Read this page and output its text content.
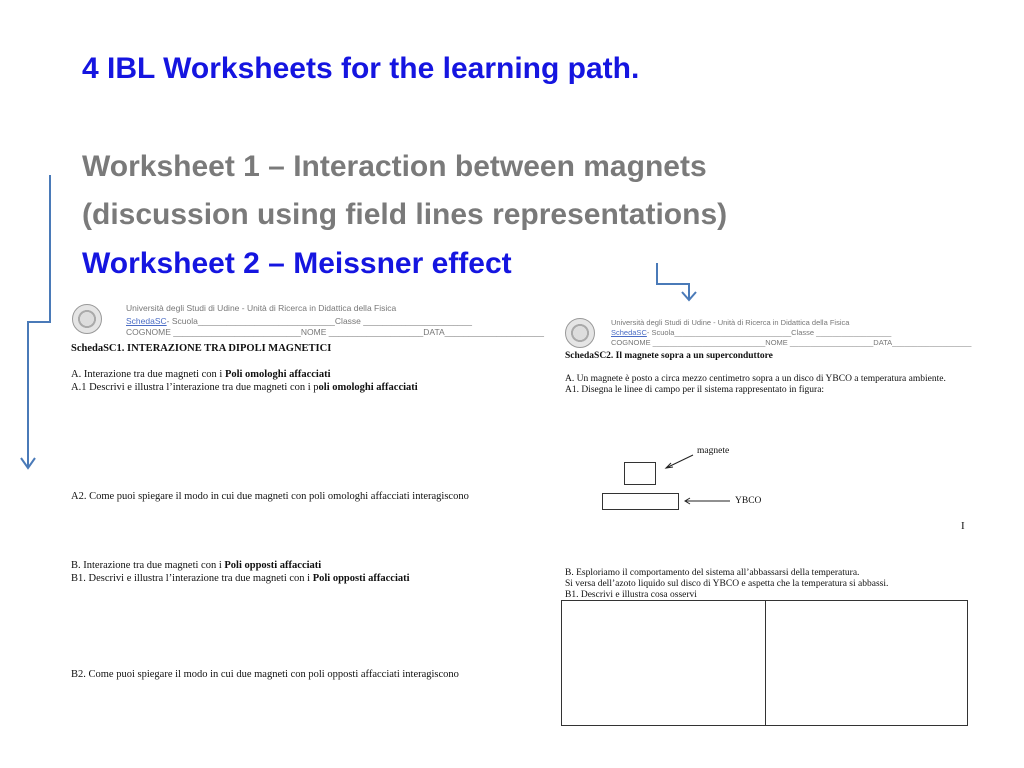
4 IBL Worksheets for the learning path.
Worksheet 1 – Interaction between magnets
(discussion using field lines representations)
Worksheet 2 – Meissner effect
Università degli Studi di Udine - Unità di Ricerca in Didattica della Fisica
SchedaSC- Scuola_____________________________Classe _______________________
COGNOME ___________________________NOME ____________________DATA_____________________
SchedaSC1. INTERAZIONE TRA DIPOLI MAGNETICI
A. Interazione tra due magneti con i Poli omologhi affacciati
A.1 Descrivi e illustra l’interazione tra due magneti con i poli omologhi affacciati
A2. Come puoi spiegare il modo in cui due magneti con poli omologhi affacciati interagiscono
B. Interazione tra due magneti con i Poli opposti affacciati
B1. Descrivi e illustra l’interazione tra due magneti con i Poli opposti affacciati
B2. Come puoi spiegare il modo in cui due magneti con poli opposti affacciati interagiscono
Università degli Studi di Udine - Unità di Ricerca in Didattica della Fisica
SchedaSC- Scuola____________________________Classe __________________
COGNOME ___________________________NOME ____________________DATA___________________
SchedaSC2. Il magnete sopra a un superconduttore
A. Un magnete è posto a circa mezzo centimetro sopra a un disco di YBCO a temperatura ambiente.
A1. Disegna le linee di campo per il sistema rappresentato in figura:
magnete
YBCO
I
B. Esploriamo il comportamento del sistema all’abbassarsi della temperatura.
Si versa dell’azoto liquido sul disco di YBCO e aspetta che la temperatura si abbassi.
B1. Descrivi e illustra cosa osservi
